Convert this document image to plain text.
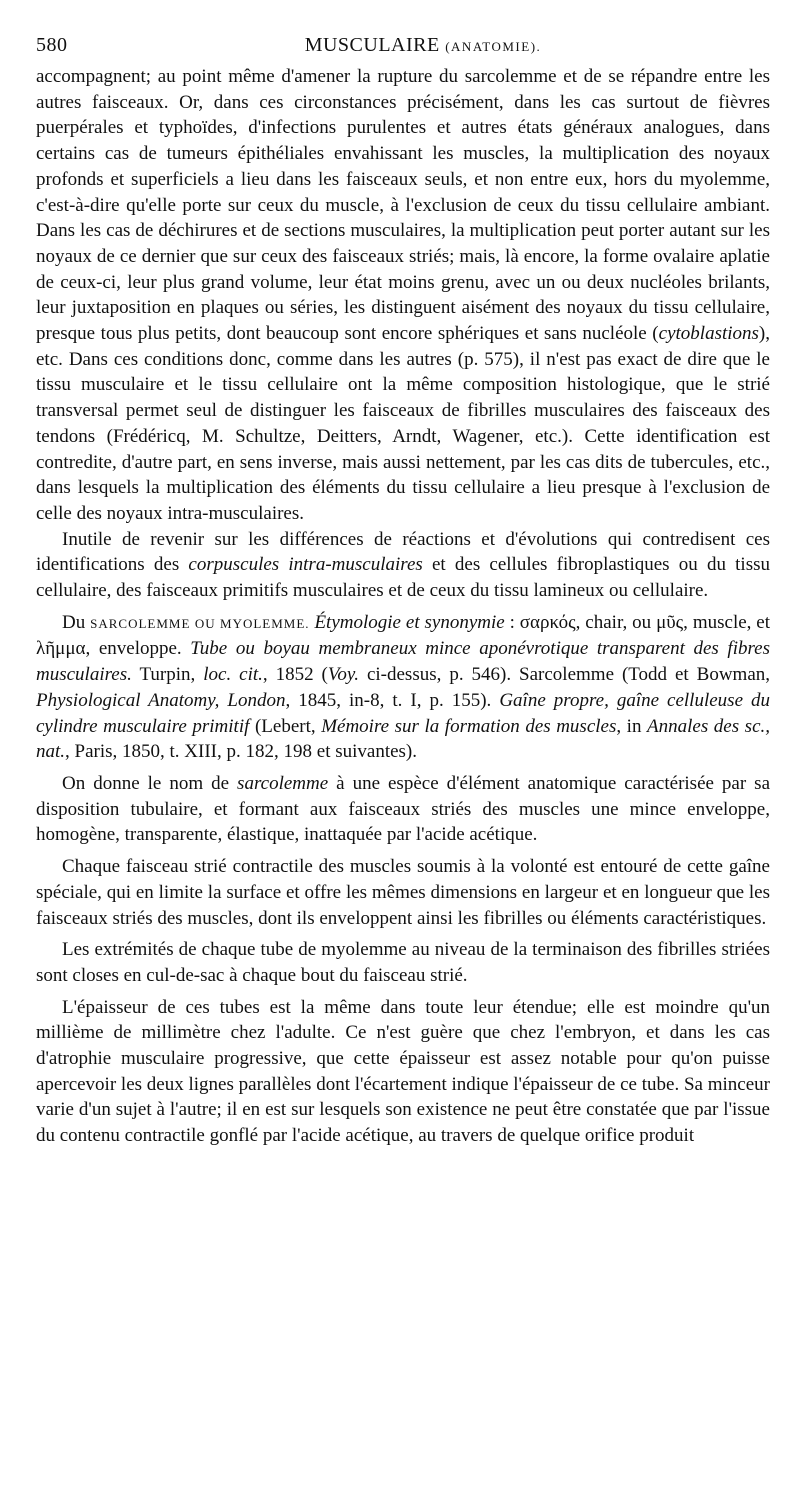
580	MUSCULAIRE (ANATOMIE).

accompagnent; au point même d'amener la rupture du sarcolemme et de se répandre entre les autres faisceaux. Or, dans ces circonstances précisément, dans les cas surtout de fièvres puerpérales et typhoïdes, d'infections purulentes et autres états généraux analogues, dans certains cas de tumeurs épithéliales envahissant les muscles, la multiplication des noyaux profonds et superficiels a lieu dans les faisceaux seuls, et non entre eux, hors du myolemme, c'est-à-dire qu'elle porte sur ceux du muscle, à l'exclusion de ceux du tissu cellulaire ambiant. Dans les cas de déchirures et de sections musculaires, la multiplication peut porter autant sur les noyaux de ce dernier que sur ceux des faisceaux striés; mais, là encore, la forme ovalaire aplatie de ceux-ci, leur plus grand volume, leur état moins grenu, avec un ou deux nucléoles brilants, leur juxtaposition en plaques ou séries, les distinguent aisément des noyaux du tissu cellulaire, presque tous plus petits, dont beaucoup sont encore sphériques et sans nucléole (cytoblastions), etc. Dans ces conditions donc, comme dans les autres (p. 575), il n'est pas exact de dire que le tissu musculaire et le tissu cellulaire ont la même composition histologique, que le strié transversal permet seul de distinguer les faisceaux de fibrilles musculaires des faisceaux des tendons (Frédéricq, M. Schultze, Deitters, Arndt, Wagener, etc.). Cette identification est contredite, d'autre part, en sens inverse, mais aussi nettement, par les cas dits de tubercules, etc., dans lesquels la multiplication des éléments du tissu cellulaire a lieu presque à l'exclusion de celle des noyaux intra-musculaires.

Inutile de revenir sur les différences de réactions et d'évolutions qui contredisent ces identifications des corpuscules intra-musculaires et des cellules fibroplastiques ou du tissu cellulaire, des faisceaux primitifs musculaires et de ceux du tissu lamineux ou cellulaire.

Du SARCOLEMME OU MYOLEMME. Étymologie et synonymie : σαρκός, chair, ou μῦς, muscle, et λῆμμα, enveloppe. Tube ou boyau membraneux mince aponévrotique transparent des fibres musculaires. Turpin, loc. cit., 1852 (Voy. ci-dessus, p. 546). Sarcolemme (Todd et Bowman, Physiological Anatomy, London, 1845, in-8, t. I, p. 155). Gaîne propre, gaîne celluleuse du cylindre musculaire primitif (Lebert, Mémoire sur la formation des muscles, in Annales des sc., nat., Paris, 1850, t. XIII, p. 182, 198 et suivantes).

On donne le nom de sarcolemme à une espèce d'élément anatomique caractérisée par sa disposition tubulaire, et formant aux faisceaux striés des muscles une mince enveloppe, homogène, transparente, élastique, inattaquée par l'acide acétique.

Chaque faisceau strié contractile des muscles soumis à la volonté est entouré de cette gaîne spéciale, qui en limite la surface et offre les mêmes dimensions en largeur et en longueur que les faisceaux striés des muscles, dont ils enveloppent ainsi les fibrilles ou éléments caractéristiques.

Les extrémités de chaque tube de myolemme au niveau de la terminaison des fibrilles striées sont closes en cul-de-sac à chaque bout du faisceau strié.

L'épaisseur de ces tubes est la même dans toute leur étendue; elle est moindre qu'un millième de millimètre chez l'adulte. Ce n'est guère que chez l'embryon, et dans les cas d'atrophie musculaire progressive, que cette épaisseur est assez notable pour qu'on puisse apercevoir les deux lignes parallèles dont l'écartement indique l'épaisseur de ce tube. Sa minceur varie d'un sujet à l'autre; il en est sur lesquels son existence ne peut être constatée que par l'issue du contenu contractile gonflé par l'acide acétique, au travers de quelque orifice produit
